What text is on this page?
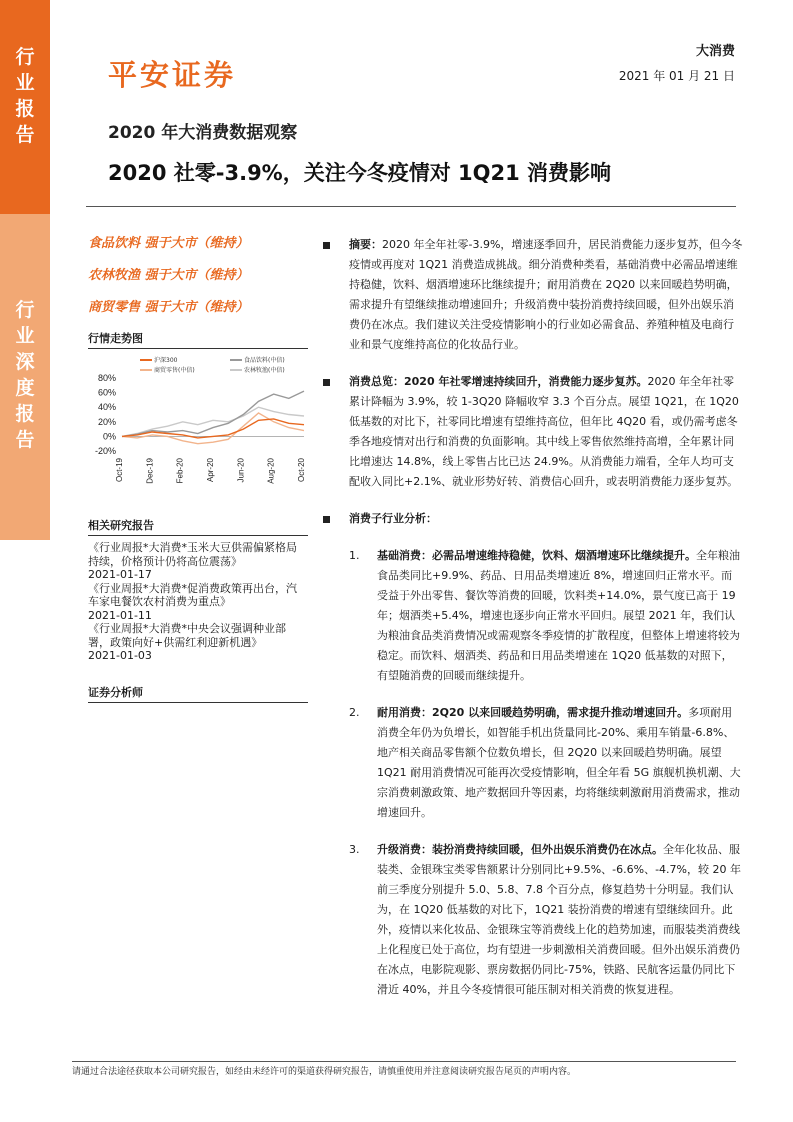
行
业
报
告
行
业
深
度
报
告
平安证券
大消费
2021 年 01 月 21 日
2020 年大消费数据观察
2020 社零-3.9%，关注今冬疫情对 1Q21 消费影响
食品饮料 强于大市（维持）
农林牧渔 强于大市（维持）
商贸零售 强于大市（维持）
行情走势图
沪深300	食品饮料(中信)
商贸零售(中信)	农林牧渔(中信)
80%
60%
40%
20%
0%
-20%
Oct-19	Dec-19	Feb-20	Apr-20	Jun-20	Aug-20	Oct-20
相关研究报告
《行业周报*大消费*玉米大豆供需偏紧格局持续，价格预计仍将高位震荡》
2021-01-17
《行业周报*大消费*促消费政策再出台，汽车家电餐饮农村消费为重点》
2021-01-11
《行业周报*大消费*中央会议强调种业部署，政策向好+供需红利迎新机遇》
2021-01-03
证券分析师
摘要：2020 年全年社零-3.9%，增速逐季回升，居民消费能力逐步复苏，但今冬疫情或再度对 1Q21 消费造成挑战。细分消费种类看，基础消费中必需品增速维持稳健，饮料、烟酒增速环比继续提升；耐用消费在 2Q20 以来回暖趋势明确，需求提升有望继续推动增速回升；升级消费中装扮消费持续回暖，但外出娱乐消费仍在冰点。我们建议关注受疫情影响小的行业如必需食品、养殖种植及电商行业和景气度维持高位的化妆品行业。
消费总览：2020 年社零增速持续回升，消费能力逐步复苏。2020 年全年社零累计降幅为 3.9%，较 1-3Q20 降幅收窄 3.3 个百分点。展望 1Q21，在 1Q20 低基数的对比下，社零同比增速有望维持高位，但年比 4Q20 看，或仍需考虑冬季各地疫情对出行和消费的负面影响。其中线上零售依然维持高增，全年累计同比增速达 14.8%，线上零售占比已达 24.9%。从消费能力端看，全年人均可支配收入同比+2.1%、就业形势好转、消费信心回升，或表明消费能力逐步复苏。
消费子行业分析：
1. 基础消费：必需品增速维持稳健，饮料、烟酒增速环比继续提升。全年粮油食品类同比+9.9%、药品、日用品类增速近 8%，增速回归正常水平。而受益于外出零售、餐饮等消费的回暖，饮料类+14.0%，景气度已高于 19 年；烟酒类+5.4%，增速也逐步向正常水平回归。展望 2021 年，我们认为粮油食品类消费情况或需观察冬季疫情的扩散程度，但整体上增速将较为稳定。而饮料、烟酒类、药品和日用品类增速在 1Q20 低基数的对照下，有望随消费的回暖而继续提升。
2. 耐用消费：2Q20 以来回暖趋势明确，需求提升推动增速回升。多项耐用消费全年仍为负增长，如智能手机出货量同比-20%、乘用车销量-6.8%、地产相关商品零售额个位数负增长，但 2Q20 以来回暖趋势明确。展望 1Q21 耐用消费情况可能再次受疫情影响，但全年看 5G 旗舰机换机潮、大宗消费刺激政策、地产数据回升等因素，均将继续刺激耐用消费需求，推动增速回升。
3. 升级消费：装扮消费持续回暖，但外出娱乐消费仍在冰点。全年化妆品、服装类、金银珠宝类零售额累计分别同比+9.5%、-6.6%、-4.7%，较 20 年前三季度分别提升 5.0、5.8、7.8 个百分点，修复趋势十分明显。我们认为，在 1Q20 低基数的对比下，1Q21 装扮消费的增速有望继续回升。此外，疫情以来化妆品、金银珠宝等消费线上化的趋势加速，而服装类消费线上化程度已处于高位，均有望进一步刺激相关消费回暖。但外出娱乐消费仍在冰点，电影院观影、票房数据仍同比-75%，铁路、民航客运量仍同比下滑近 40%，并且今冬疫情很可能压制对相关消费的恢复进程。
请通过合法途径获取本公司研究报告，如经由未经许可的渠道获得研究报告，请慎重使用并注意阅读研究报告尾页的声明内容。
